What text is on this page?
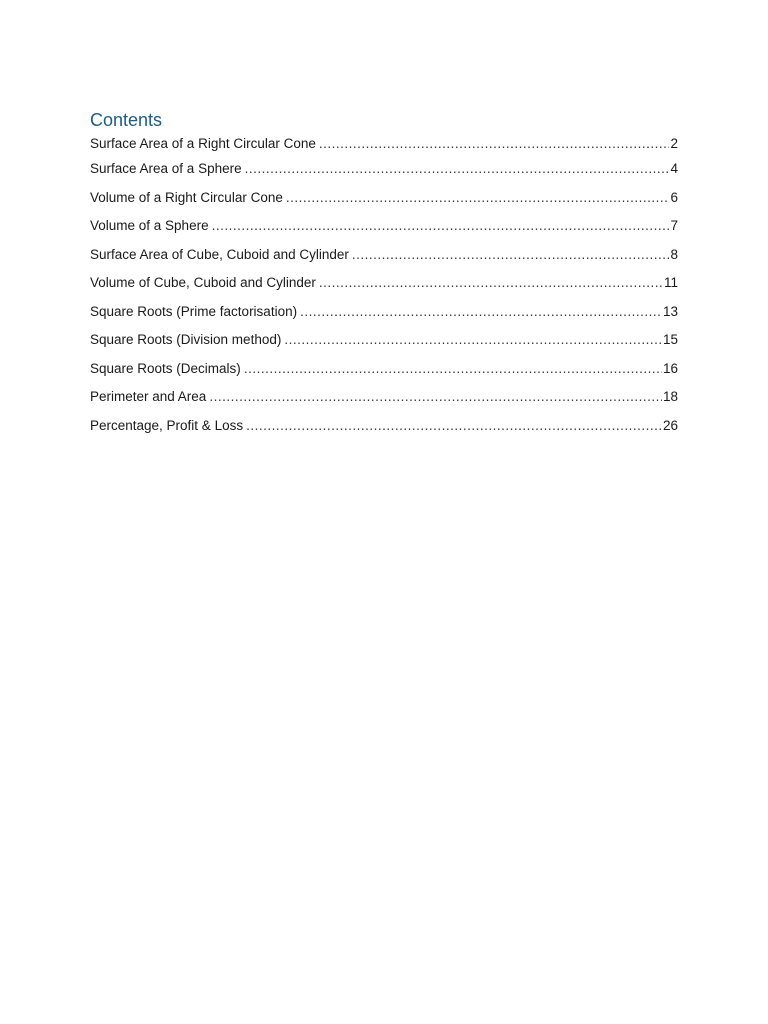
Contents
Surface Area of a Right Circular Cone .....	2
Surface Area of a Sphere .....	4
Volume of a Right Circular Cone .....	6
Volume of a Sphere .....	7
Surface Area of Cube, Cuboid and Cylinder .....	8
Volume of Cube, Cuboid and Cylinder .....	11
Square Roots (Prime factorisation) .....	13
Square Roots (Division method) .....	15
Square Roots (Decimals) .....	16
Perimeter and Area .....	18
Percentage, Profit & Loss .....	26
